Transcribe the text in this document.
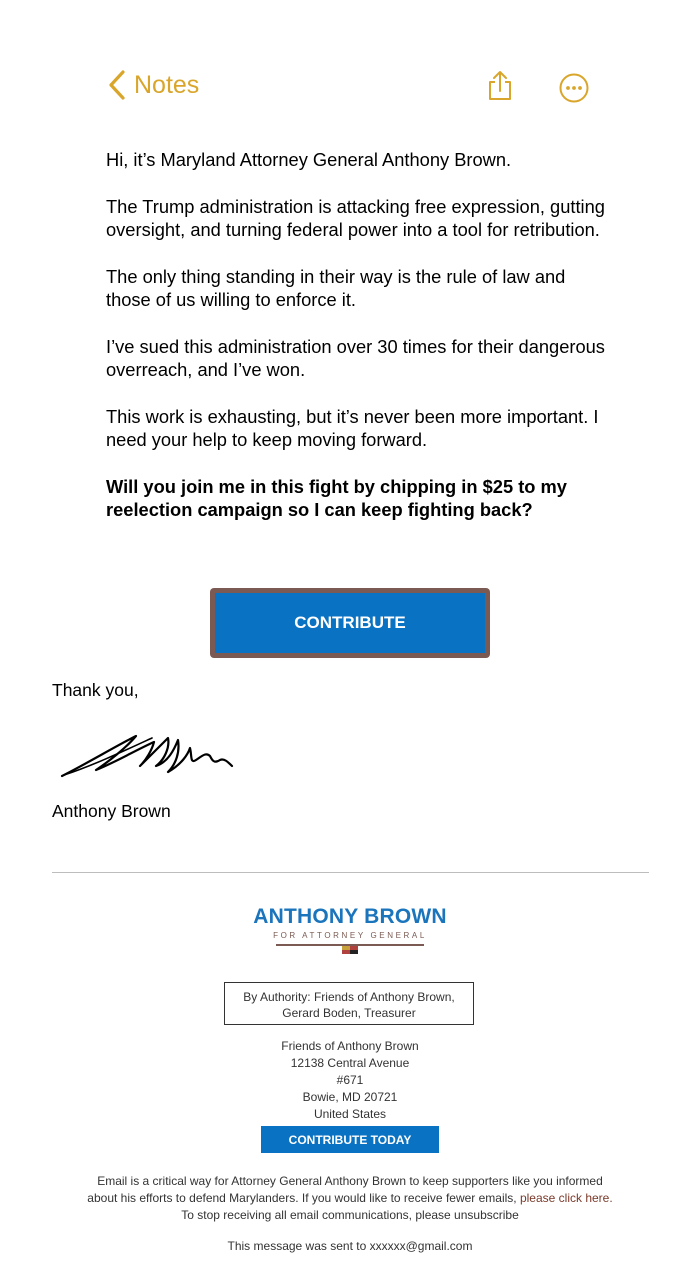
Notes

Hi, it’s Maryland Attorney General Anthony Brown.

The Trump administration is attacking free expression, gutting oversight, and turning federal power into a tool for retribution.

The only thing standing in their way is the rule of law and those of us willing to enforce it.

I’ve sued this administration over 30 times for their dangerous overreach, and I’ve won.

This work is exhausting, but it’s never been more important. I need your help to keep moving forward.

Will you join me in this fight by chipping in $25 to my reelection campaign so I can keep fighting back?

CONTRIBUTE
Thank you,
Anthony Brown
ANTHONY BROWN
FOR ATTORNEY GENERAL
By Authority: Friends of Anthony Brown,
Gerard Boden, Treasurer
Friends of Anthony Brown
12138 Central Avenue
#671
Bowie, MD 20721
United States
CONTRIBUTE TODAY
Email is a critical way for Attorney General Anthony Brown to keep supporters like you informed
about his efforts to defend Marylanders. If you would like to receive fewer emails, please click here.
To stop receiving all email communications, please unsubscribe
This message was sent to xxxxxx@gmail.com
